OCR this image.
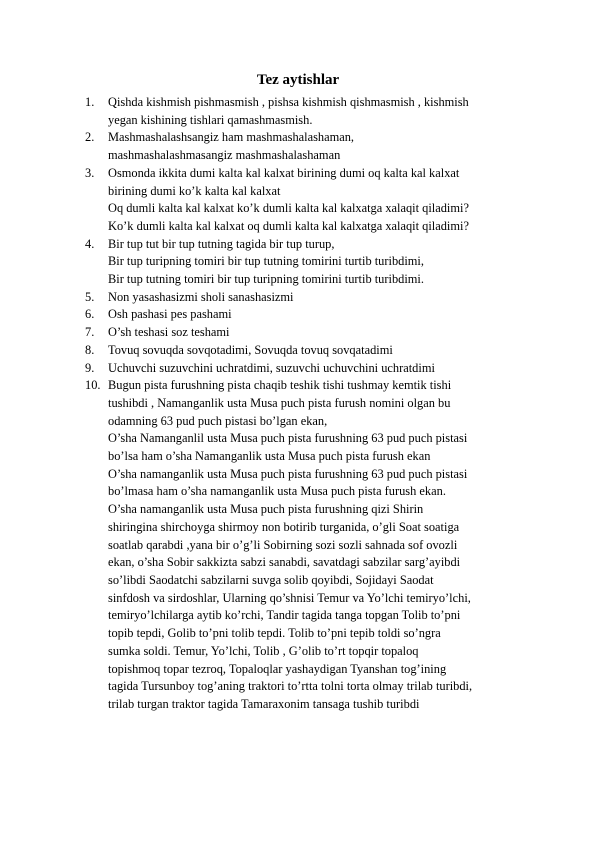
Tez aytishlar
1. Qishda kishmish pishmasmish , pishsa kishmish qishmasmish , kishmish
yegan kishining tishlari qamashmasmish.
2. Mashmashalashsangiz ham mashmashalashaman,
mashmashalashmasangiz mashmashalashaman
3. Osmonda ikkita dumi kalta kal kalxat birining dumi oq kalta kal kalxat
birining dumi ko’k kalta kal kalxat
Oq dumli kalta kal kalxat ko’k dumli kalta kal kalxatga xalaqit qiladimi?
Ko’k dumli kalta kal kalxat oq dumli kalta kal kalxatga xalaqit qiladimi?
4. Bir tup tut bir tup tutning tagida bir tup turup,
Bir tup turipning tomiri bir tup tutning tomirini turtib turibdimi,
Bir tup tutning tomiri bir tup turipning tomirini turtib turibdimi.
5. Non yasashasizmi sholi sanashasizmi
6. Osh pashasi pes pashami
7. O’sh teshasi soz teshami
8. Tovuq sovuqda sovqotadimi, Sovuqda tovuq sovqatadimi
9. Uchuvchi suzuvchini uchratdimi, suzuvchi uchuvchini uchratdimi
10. Bugun pista furushning pista chaqib teshik tishi tushmay kemtik tishi
tushibdi , Namanganlik usta Musa puch pista furush nomini olgan bu
odamning 63 pud puch pistasi bo’lgan ekan,
O’sha Namanganlil usta Musa puch pista furushning 63 pud puch pistasi
bo’lsa ham o’sha Namanganlik usta Musa puch pista furush ekan
O’sha namanganlik usta Musa puch pista furushning 63 pud puch pistasi
bo’lmasa ham o’sha namanganlik usta Musa puch pista furush ekan.
O’sha namanganlik usta Musa puch pista furushning qizi Shirin
shiringina shirchoyga shirmoy non botirib turganida, o’gli Soat soatiga
soatlab qarabdi ,yana bir o’g’li Sobirning sozi sozli sahnada sof ovozli
ekan, o’sha Sobir sakkizta sabzi sanabdi, savatdagi sabzilar sarg’ayibdi
so’libdi Saodatchi sabzilarni suvga solib qoyibdi, Sojidayi Saodat
sinfdosh va sirdoshlar, Ularning qo’shnisi Temur va Yo’lchi temiryo’lchi,
temiryo’lchilarga aytib ko’rchi, Tandir tagida tanga topgan Tolib to’pni
topib tepdi, Golib to’pni tolib tepdi. Tolib to’pni tepib toldi so’ngra
sumka soldi. Temur, Yo’lchi, Tolib , G’olib to’rt topqir topaloq
topishmoq topar tezroq, Topaloqlar yashaydigan Tyanshan tog’ining
tagida Tursunboy tog’aning traktori to’rtta tolni torta olmay trilab turibdi,
trilab turgan traktor tagida Tamaraxonim tansaga tushib turibdi
